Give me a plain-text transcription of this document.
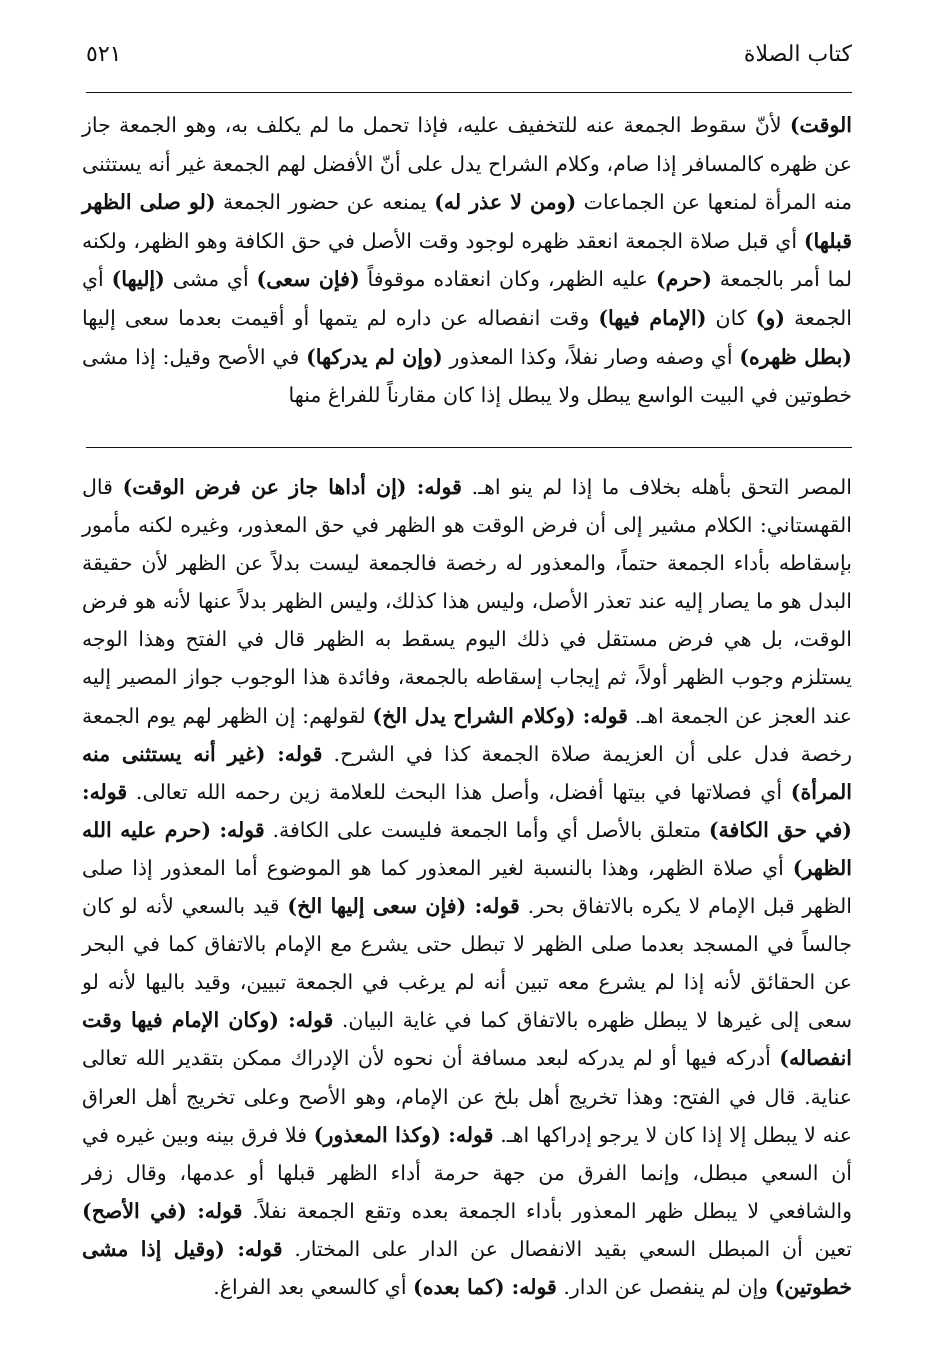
كتاب الصلاة
٥٢١

الوقت) لأنّ سقوط الجمعة عنه للتخفيف عليه، فإذا تحمل ما لم يكلف به، وهو الجمعة جاز عن ظهره كالمسافر إذا صام، وكلام الشراح يدل على أنّ الأفضل لهم الجمعة غير أنه يستثنى منه المرأة لمنعها عن الجماعات (ومن لا عذر له) يمنعه عن حضور الجمعة (لو صلى الظهر قبلها) أي قبل صلاة الجمعة انعقد ظهره لوجود وقت الأصل في حق الكافة وهو الظهر، ولكنه لما أمر بالجمعة (حرم) عليه الظهر، وكان انعقاده موقوفاً (فإن سعى) أي مشى (إليها) أي الجمعة (و) كان (الإمام فيها) وقت انفصاله عن داره لم يتمها أو أقيمت بعدما سعى إليها (بطل ظهره) أي وصفه وصار نفلاً، وكذا المعذور (وإن لم يدركها) في الأصح وقيل: إذا مشى خطوتين في البيت الواسع يبطل ولا يبطل إذا كان مقارناً للفراغ منها

المصر التحق بأهله بخلاف ما إذا لم ينو اهـ. قوله: (إن أداها جاز عن فرض الوقت) قال القهستاني: الكلام مشير إلى أن فرض الوقت هو الظهر في حق المعذور، وغيره لكنه مأمور بإسقاطه بأداء الجمعة حتماً، والمعذور له رخصة فالجمعة ليست بدلاً عن الظهر لأن حقيقة البدل هو ما يصار إليه عند تعذر الأصل، وليس هذا كذلك، وليس الظهر بدلاً عنها لأنه هو فرض الوقت، بل هي فرض مستقل في ذلك اليوم يسقط به الظهر قال في الفتح وهذا الوجه يستلزم وجوب الظهر أولاً، ثم إيجاب إسقاطه بالجمعة، وفائدة هذا الوجوب جواز المصير إليه عند العجز عن الجمعة اهـ. قوله: (وكلام الشراح يدل الخ) لقولهم: إن الظهر لهم يوم الجمعة رخصة فدل على أن العزيمة صلاة الجمعة كذا في الشرح. قوله: (غير أنه يستثنى منه المرأة) أي فصلاتها في بيتها أفضل، وأصل هذا البحث للعلامة زين رحمه الله تعالى. قوله: (في حق الكافة) متعلق بالأصل أي وأما الجمعة فليست على الكافة. قوله: (حرم عليه الله الظهر) أي صلاة الظهر، وهذا بالنسبة لغير المعذور كما هو الموضوع أما المعذور إذا صلى الظهر قبل الإمام لا يكره بالاتفاق بحر. قوله: (فإن سعى إليها الخ) قيد بالسعي لأنه لو كان جالساً في المسجد بعدما صلى الظهر لا تبطل حتى يشرع مع الإمام بالاتفاق كما في البحر عن الحقائق لأنه إذا لم يشرع معه تبين أنه لم يرغب في الجمعة تبيين، وقيد باليها لأنه لو سعى إلى غيرها لا يبطل ظهره بالاتفاق كما في غاية البيان. قوله: (وكان الإمام فيها وقت انفصاله) أدركه فيها أو لم يدركه لبعد مسافة أن نحوه لأن الإدراك ممكن بتقدير الله تعالى عناية. قال في الفتح: وهذا تخريج أهل بلخ عن الإمام، وهو الأصح وعلى تخريج أهل العراق عنه لا يبطل إلا إذا كان لا يرجو إدراكها اهـ. قوله: (وكذا المعذور) فلا فرق بينه وبين غيره في أن السعي مبطل، وإنما الفرق من جهة حرمة أداء الظهر قبلها أو عدمها، وقال زفر والشافعي لا يبطل ظهر المعذور بأداء الجمعة بعده وتقع الجمعة نفلاً. قوله: (في الأصح) تعين أن المبطل السعي بقيد الانفصال عن الدار على المختار. قوله: (وقيل إذا مشى خطوتين) وإن لم ينفصل عن الدار. قوله: (كما بعده) أي كالسعي بعد الفراغ.
